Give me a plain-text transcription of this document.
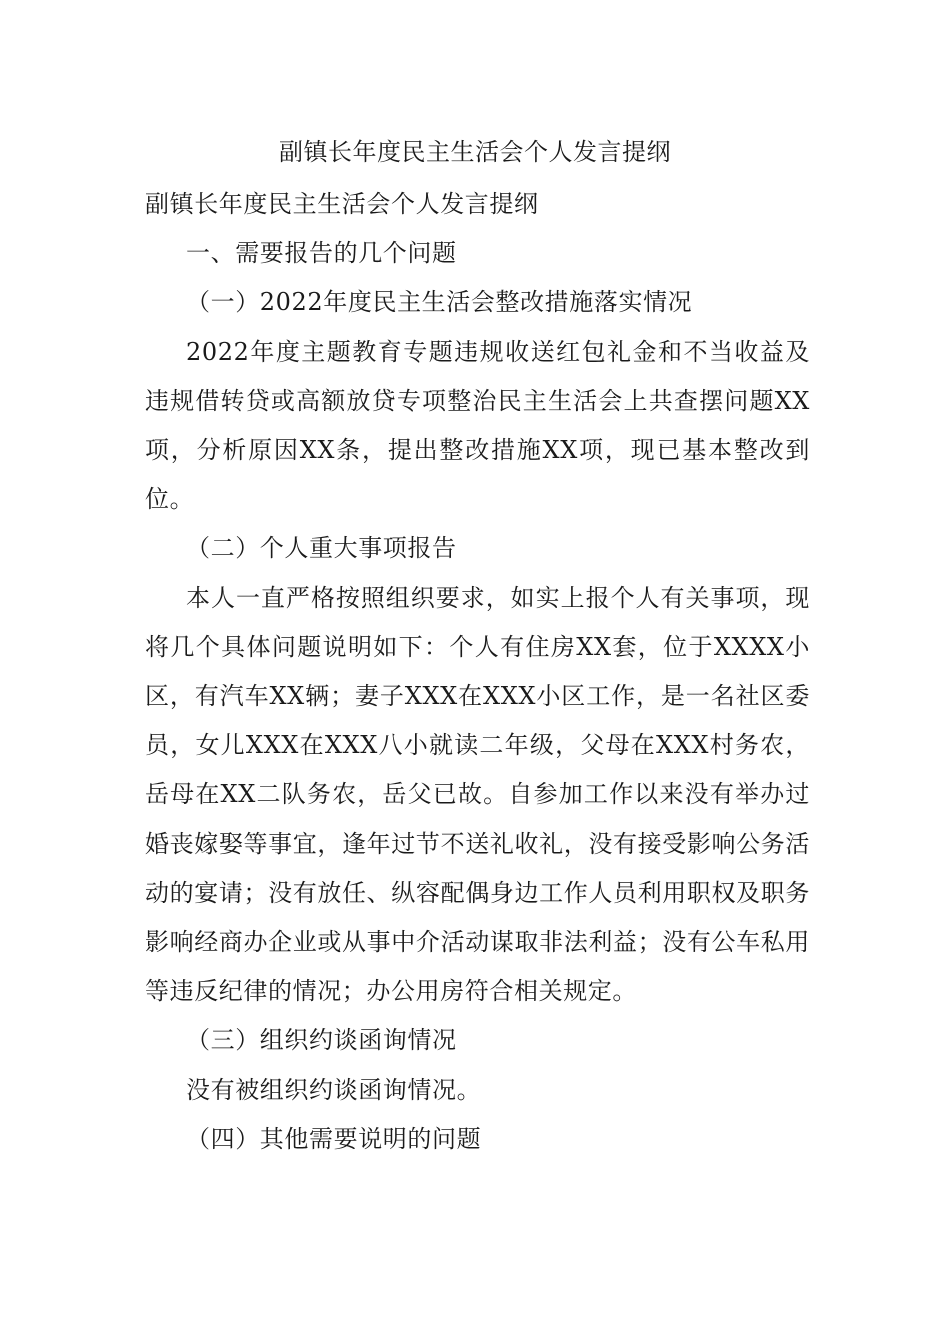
副镇长年度民主生活会个人发言提纲

副镇长年度民主生活会个人发言提纲

一、需要报告的几个问题

（一）2022年度民主生活会整改措施落实情况

2022年度主题教育专题违规收送红包礼金和不当收益及违规借转贷或高额放贷专项整治民主生活会上共查摆问题XX项，分析原因XX条，提出整改措施XX项，现已基本整改到位。

（二）个人重大事项报告

本人一直严格按照组织要求，如实上报个人有关事项，现将几个具体问题说明如下：个人有住房XX套，位于XXXX小区，有汽车XX辆；妻子XXX在XXX小区工作，是一名社区委员，女儿XXX在XXX八小就读二年级，父母在XXX村务农，岳母在XX二队务农，岳父已故。自参加工作以来没有举办过婚丧嫁娶等事宜，逢年过节不送礼收礼，没有接受影响公务活动的宴请；没有放任、纵容配偶身边工作人员利用职权及职务影响经商办企业或从事中介活动谋取非法利益；没有公车私用等违反纪律的情况；办公用房符合相关规定。

（三）组织约谈函询情况

没有被组织约谈函询情况。

（四）其他需要说明的问题
